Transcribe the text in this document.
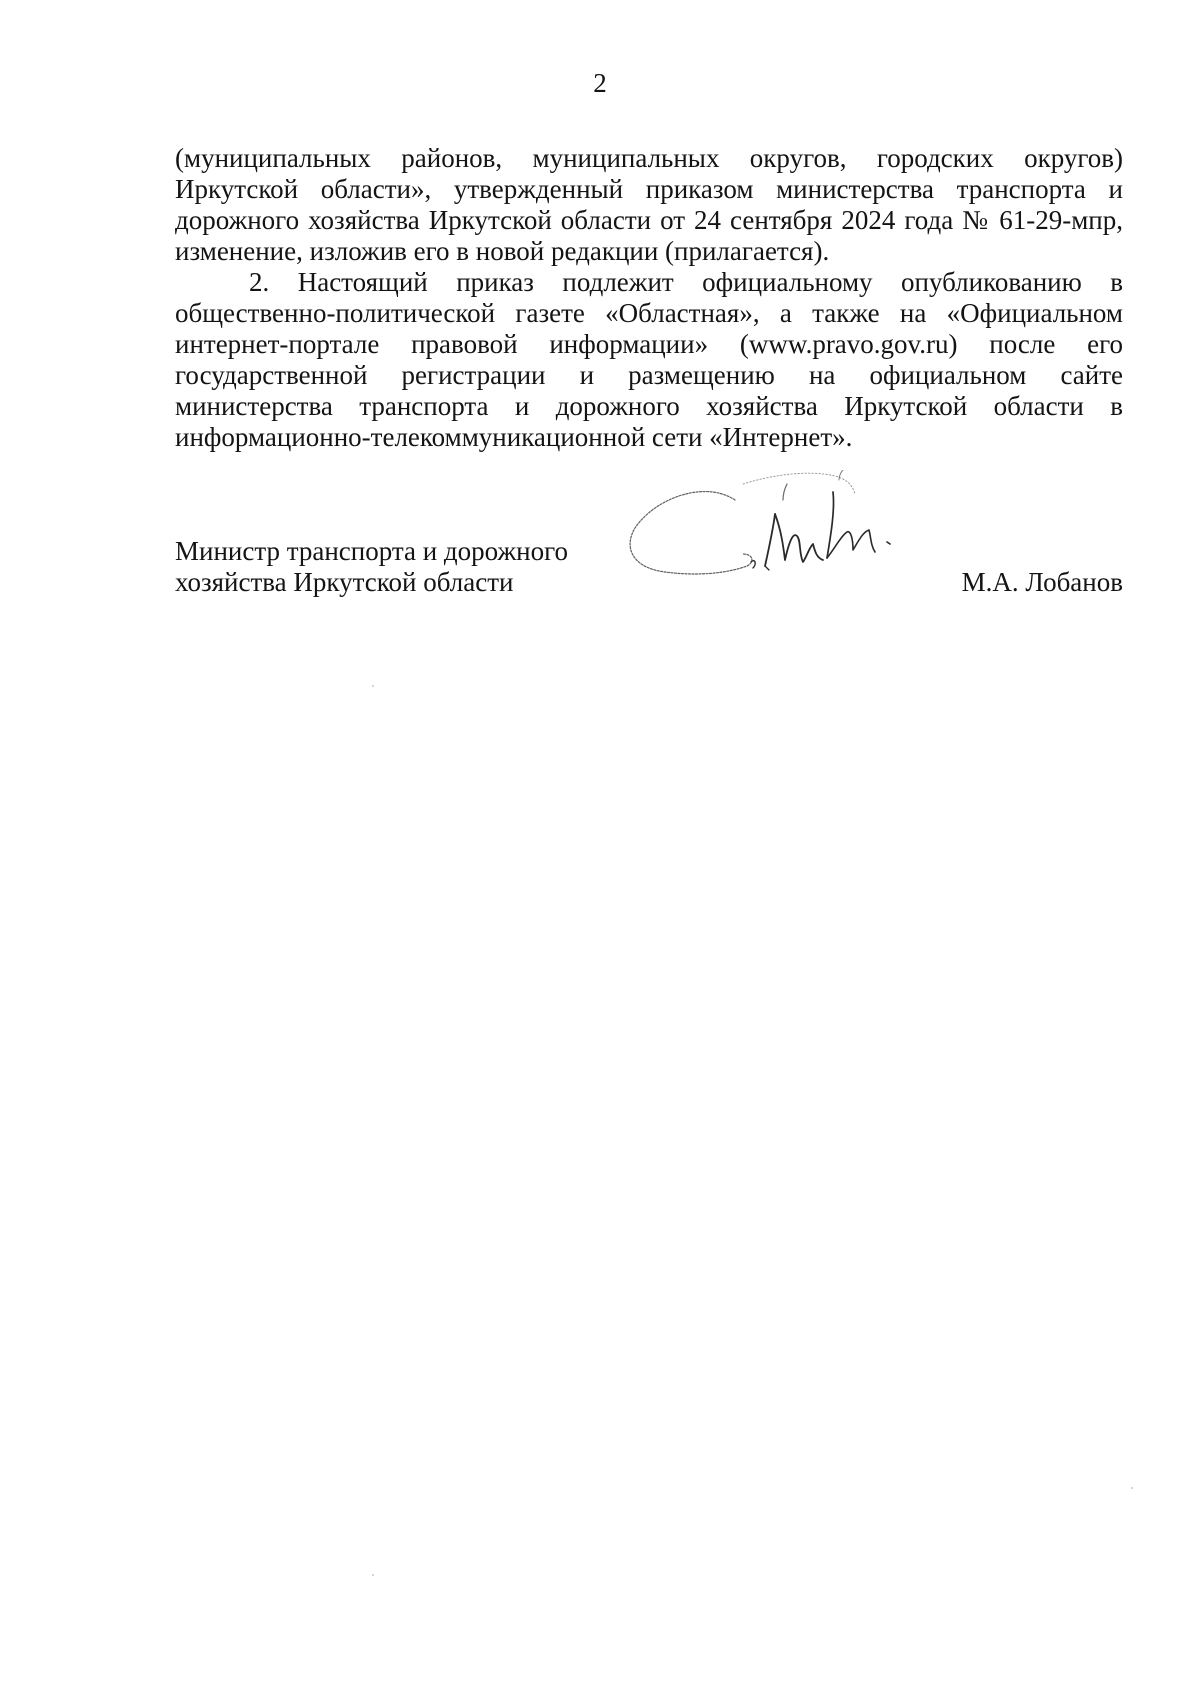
2

(муниципальных районов, муниципальных округов, городских округов) Иркутской области», утвержденный приказом министерства транспорта и дорожного хозяйства Иркутской области от 24 сентября 2024 года № 61-29-мпр, изменение, изложив его в новой редакции (прилагается).

2. Настоящий приказ подлежит официальному опубликованию в общественно-политической газете «Областная», а также на «Официальном интернет-портале правовой информации» (www.pravo.gov.ru) после его государственной регистрации и размещению на официальном сайте министерства транспорта и дорожного хозяйства Иркутской области в информационно-телекоммуникационной сети «Интернет».

Министр транспорта и дорожного
хозяйства Иркутской области	М.А. Лобанов
